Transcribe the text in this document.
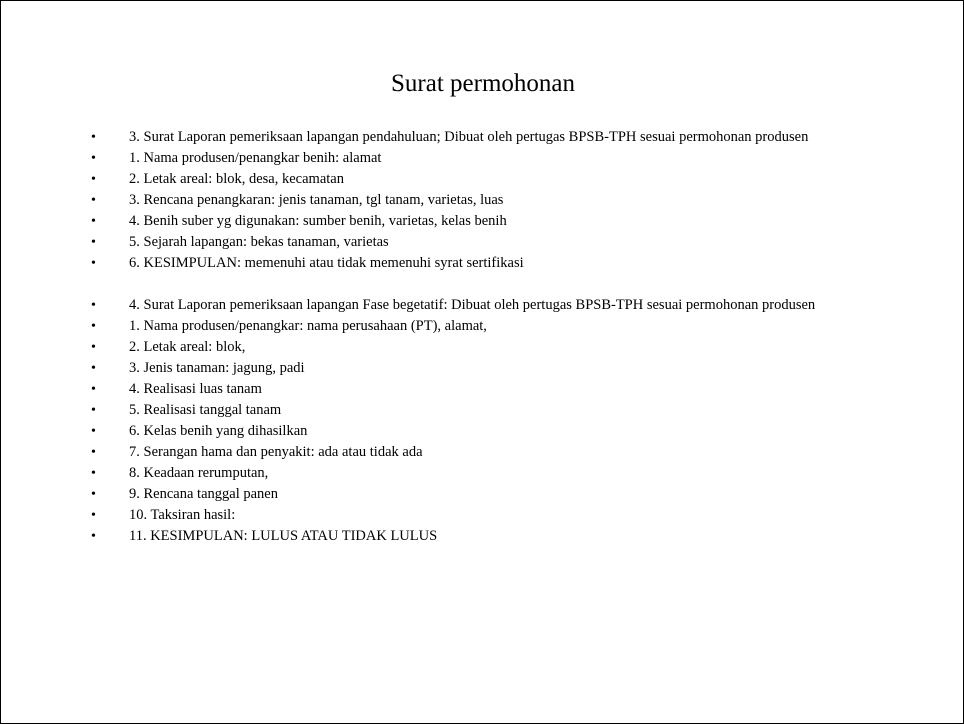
Surat permohonan
•	3. Surat Laporan pemeriksaan lapangan pendahuluan; Dibuat oleh pertugas BPSB-TPH sesuai permohonan produsen
•	1. Nama produsen/penangkar benih: alamat
•	2. Letak areal: blok, desa, kecamatan
•	3. Rencana penangkaran: jenis tanaman, tgl tanam, varietas, luas
•	4. Benih suber yg digunakan: sumber benih, varietas, kelas benih
•	5. Sejarah lapangan: bekas tanaman, varietas
•	6. KESIMPULAN: memenuhi atau tidak memenuhi syrat sertifikasi
•	4. Surat Laporan pemeriksaan lapangan Fase begetatif: Dibuat oleh pertugas BPSB-TPH sesuai permohonan produsen
•	1. Nama produsen/penangkar: nama perusahaan (PT), alamat,
•	2. Letak areal: blok,
•	3. Jenis tanaman: jagung, padi
•	4. Realisasi luas tanam
•	5. Realisasi tanggal tanam
•	6. Kelas benih yang dihasilkan
•	7. Serangan hama dan penyakit: ada atau tidak ada
•	8. Keadaan rerumputan,
•	9. Rencana tanggal panen
•	10. Taksiran hasil:
•	11. KESIMPULAN: LULUS ATAU TIDAK LULUS
